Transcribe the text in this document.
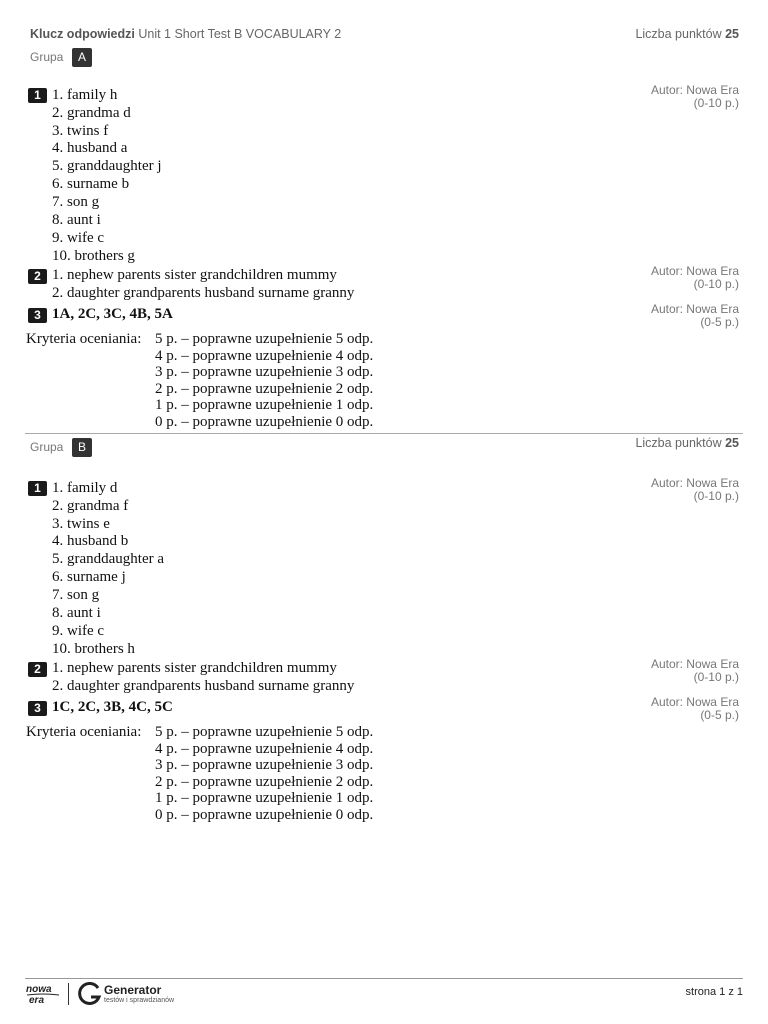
Klucz odpowiedzi Unit 1 Short Test B VOCABULARY 2	Liczba punktów 25
Grupa	A
1	Autor: Nowa Era
(0-10 p.)
1. family h
2. grandma d
3. twins f
4. husband a
5. granddaughter j
6. surname b
7. son g
8. aunt i
9. wife c
10. brothers g
2	Autor: Nowa Era
(0-10 p.)
1. nephew parents sister grandchildren mummy
2. daughter grandparents husband surname granny
3	Autor: Nowa Era
(0-5 p.)
1A, 2C, 3C, 4B, 5A
Kryteria oceniania: 5 p. – poprawne uzupełnienie 5 odp.
4 p. – poprawne uzupełnienie 4 odp.
3 p. – poprawne uzupełnienie 3 odp.
2 p. – poprawne uzupełnienie 2 odp.
1 p. – poprawne uzupełnienie 1 odp.
0 p. – poprawne uzupełnienie 0 odp.
Grupa	B	Liczba punktów 25
1	Autor: Nowa Era
(0-10 p.)
1. family d
2. grandma f
3. twins e
4. husband b
5. granddaughter a
6. surname j
7. son g
8. aunt i
9. wife c
10. brothers h
2	Autor: Nowa Era
(0-10 p.)
1. nephew parents sister grandchildren mummy
2. daughter grandparents husband surname granny
3	Autor: Nowa Era
(0-5 p.)
1C, 2C, 3B, 4C, 5C
Kryteria oceniania: 5 p. – poprawne uzupełnienie 5 odp.
4 p. – poprawne uzupełnienie 4 odp.
3 p. – poprawne uzupełnienie 3 odp.
2 p. – poprawne uzupełnienie 2 odp.
1 p. – poprawne uzupełnienie 1 odp.
0 p. – poprawne uzupełnienie 0 odp.
nowa
era
Generator
testów i sprawdzianów
strona 1 z 1
